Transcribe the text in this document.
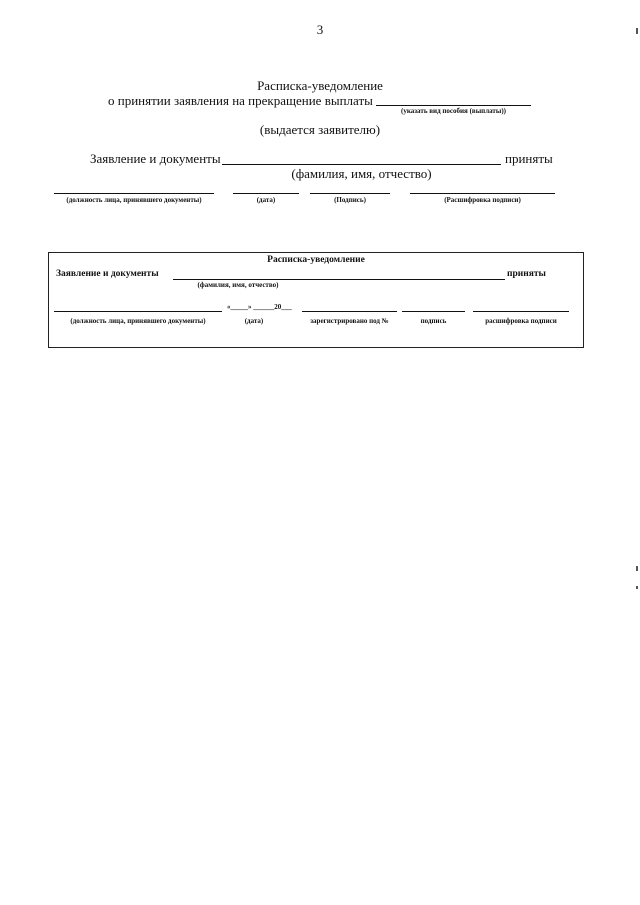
3
Расписка-уведомление
о принятии заявления на прекращение выплаты
(указать вид пособия (выплаты))
(выдается заявителю)
Заявление и документы	приняты
(фамилия, имя, отчество)
(должность лица, принявшего документы)	(дата)	(Подпись)	(Расшифровка подписи)
Расписка-уведомление
Заявление и документы	приняты
(фамилия, имя, отчество)
«_____» ______20___
(должность лица, принявшего документы)	(дата)	зарегистрировано под №	подпись	расшифровка подписи
